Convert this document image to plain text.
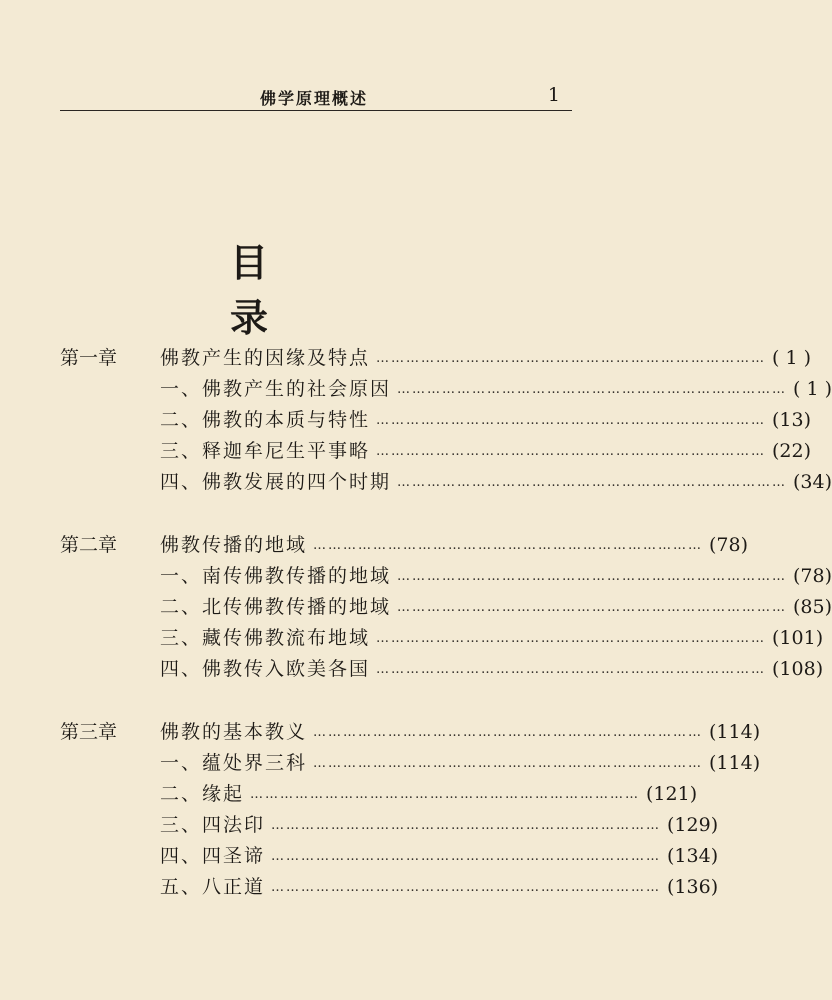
佛学原理概述	1
目录
第一章	佛教产生的因缘及特点 …………………………………………………………………… ( 1 )
一、佛教产生的社会原因 …………………………………………………………………… ( 1 )
二、佛教的本质与特性 …………………………………………………………………… (13)
三、释迦牟尼生平事略 …………………………………………………………………… (22)
四、佛教发展的四个时期 …………………………………………………………………… (34)
第二章	佛教传播的地域 …………………………………………………………………… (78)
一、南传佛教传播的地域 …………………………………………………………………… (78)
二、北传佛教传播的地域 …………………………………………………………………… (85)
三、藏传佛教流布地域 …………………………………………………………………… (101)
四、佛教传入欧美各国 …………………………………………………………………… (108)
第三章	佛教的基本教义 …………………………………………………………………… (114)
一、蕴处界三科 …………………………………………………………………… (114)
二、缘起 …………………………………………………………………… (121)
三、四法印 …………………………………………………………………… (129)
四、四圣谛 …………………………………………………………………… (134)
五、八正道 …………………………………………………………………… (136)
